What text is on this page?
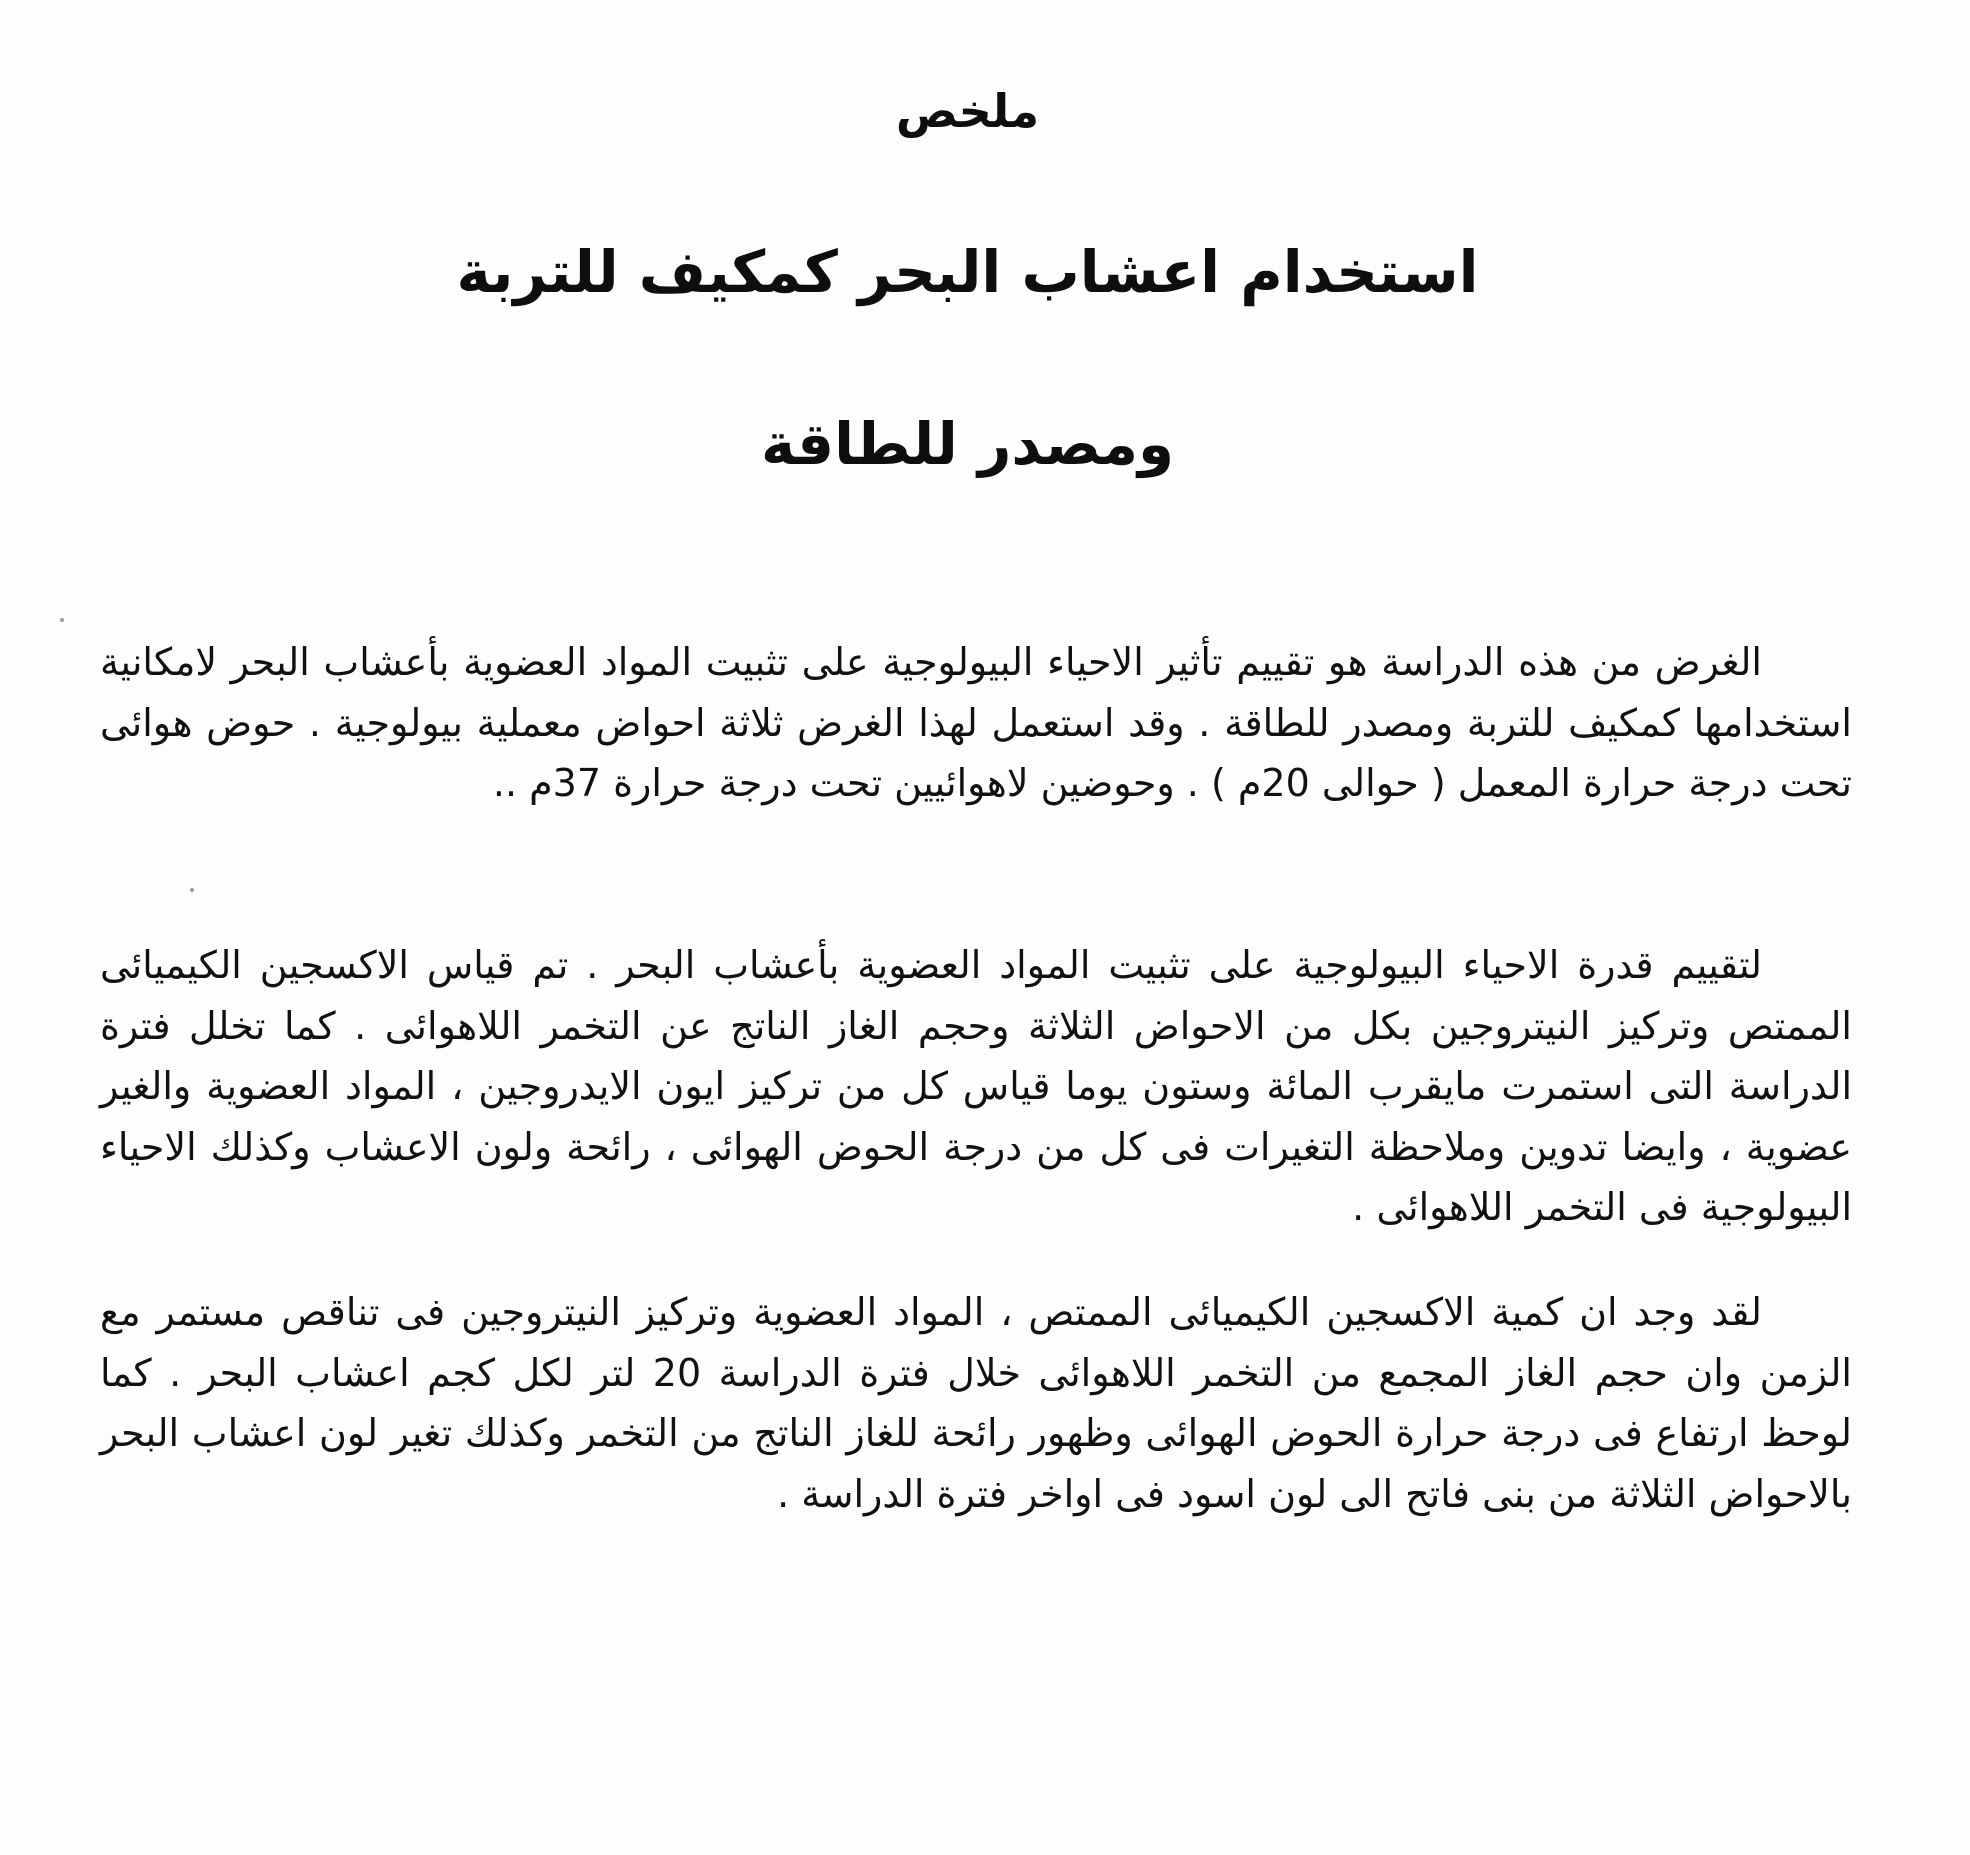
ملخص
استخدام اعشاب البحر كمكيف للتربة
ومصدر للطاقة
الغرض من هذه الدراسة هو تقييم تأثير الاحياء البيولوجية على تثبيت المواد العضوية بأعشاب البحر لامكانية استخدامها كمكيف للتربة ومصدر للطاقة . وقد استعمل لهذا الغرض ثلاثة احواض معملية بيولوجية . حوض هوائى تحت درجة حرارة المعمل ( حوالى 20م ) . وحوضين لاهوائيين تحت درجة حرارة 37م ..
لتقييم قدرة الاحياء البيولوجية على تثبيت المواد العضوية بأعشاب البحر . تم قياس الاكسجين الكيميائى الممتص وتركيز النيتروجين بكل من الاحواض الثلاثة وحجم الغاز الناتج عن التخمر اللاهوائى . كما تخلل فترة الدراسة التى استمرت مايقرب المائة وستون يوما قياس كل من تركيز ايون الايدروجين ، المواد العضوية والغير عضوية ، وايضا تدوين وملاحظة التغيرات فى كل من درجة الحوض الهوائى ، رائحة ولون الاعشاب وكذلك الاحياء البيولوجية فى التخمر اللاهوائى .
لقد وجد ان كمية الاكسجين الكيميائى الممتص ، المواد العضوية وتركيز النيتروجين فى تناقص مستمر مع الزمن وان حجم الغاز المجمع من التخمر اللاهوائى خلال فترة الدراسة 20 لتر لكل كجم اعشاب البحر . كما لوحظ ارتفاع فى درجة حرارة الحوض الهوائى وظهور رائحة للغاز الناتج من التخمر وكذلك تغير لون اعشاب البحر بالاحواض الثلاثة من بنى فاتح الى لون اسود فى اواخر فترة الدراسة .
